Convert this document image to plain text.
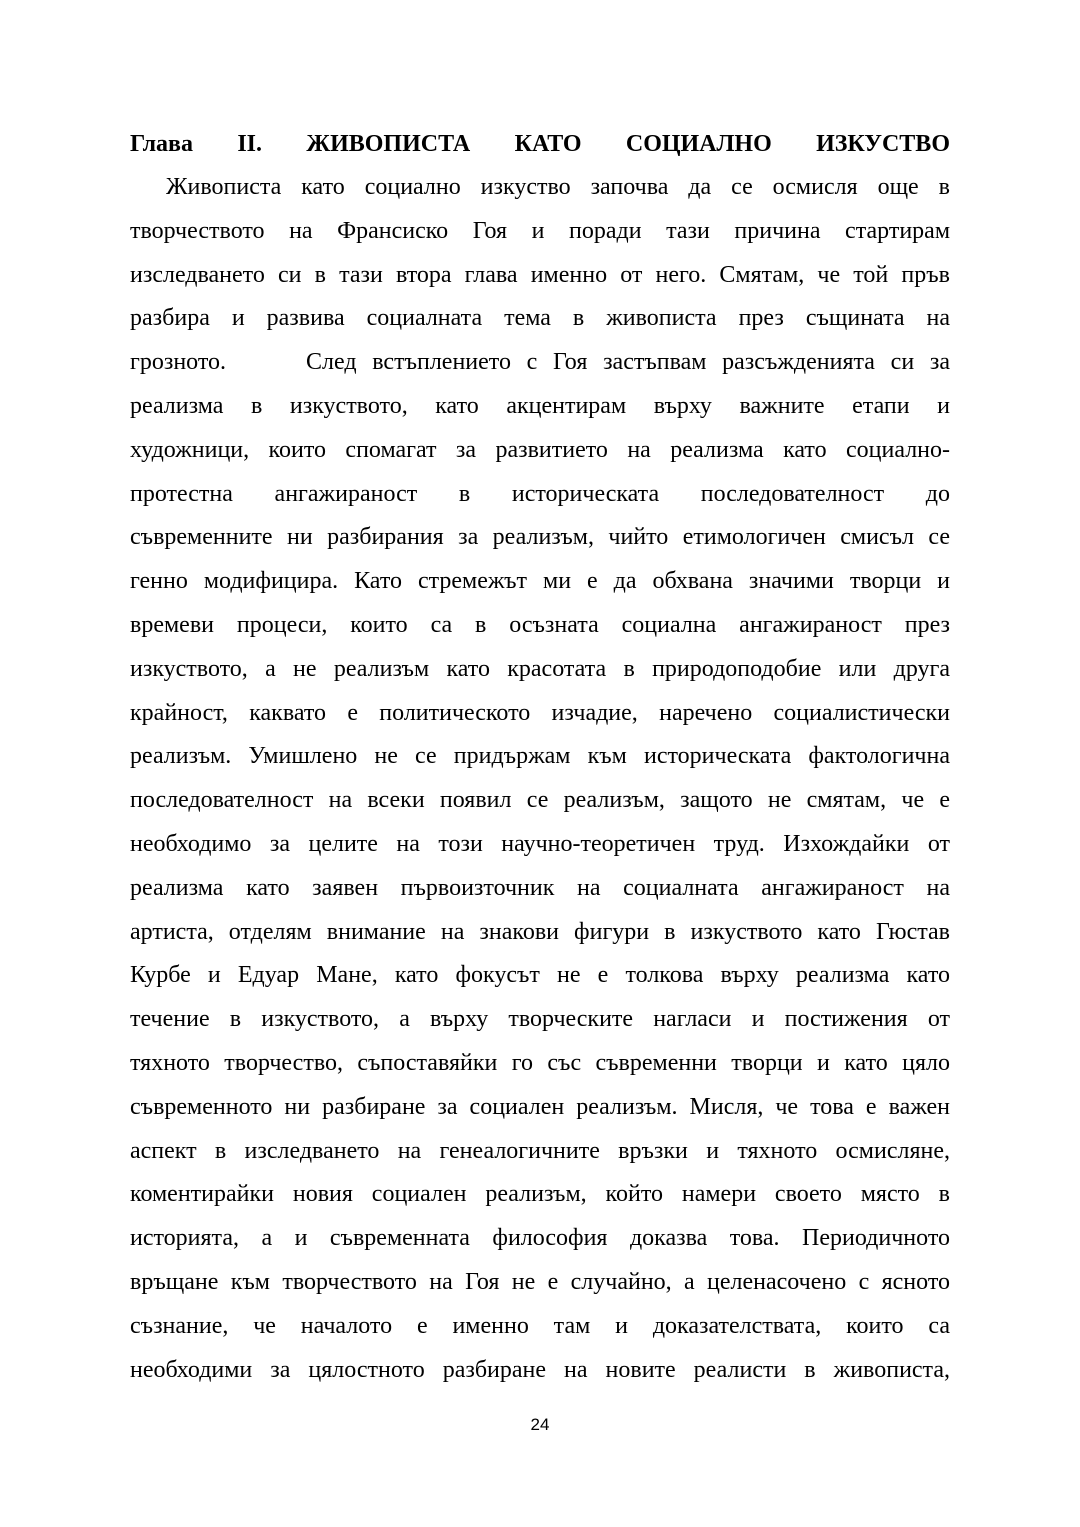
Глава II. ЖИВОПИСТА КАТО СОЦИАЛНО ИЗКУСТВО
Живописта като социално изкуство започва да се осмисля още в
творчеството на Франсиско Гоя и поради тази причина стартирам
изследването си в тази втора глава именно от него. Смятам, че той пръв
разбира и развива социалната тема в живописта през същината на
грозното.	След встъплението с Гоя застъпвам разсъжденията си за
реализма в изкуството, като акцентирам върху важните етапи и
художници, които спомагат за развитието на реализма като социално-
протестна ангажираност в историческата последователност до
съвременните ни разбирания за реализъм, чийто етимологичен смисъл се
генно модифицира. Като стремежът ми е да обхвана значими творци и
времеви процеси, които са в осъзната социална ангажираност през
изкуството, а не реализъм като красотата в природоподобие или друга
крайност, каквато е политическото изчадие, наречено социалистически
реализъм. Умишлено не се придържам към историческата фактологична
последователност на всеки появил се реализъм, защото не смятам, че е
необходимо за целите на този научно-теоретичен труд. Изхождайки от
реализма като заявен първоизточник на социалната ангажираност на
артиста, отделям внимание на знакови фигури в изкуството като Гюстав
Курбе и Едуар Мане, като фокусът не е толкова върху реализма като
течение в изкуството, а върху творческите нагласи и постижения от
тяхното творчество, съпоставяйки го със съвременни творци и като цяло
съвременното ни разбиране за социален реализъм. Мисля, че това е важен
аспект в изследването на генеалогичните връзки и тяхното осмисляне,
коментирайки новия социален реализъм, който намери своето място в
историята, а и съвременната философия доказва това. Периодичното
връщане към творчеството на Гоя не е случайно, а целенасочено с ясното
съзнание, че началото е именно там и доказателствата, които са
необходими за цялостното разбиране на новите реалисти в живописта,
24
